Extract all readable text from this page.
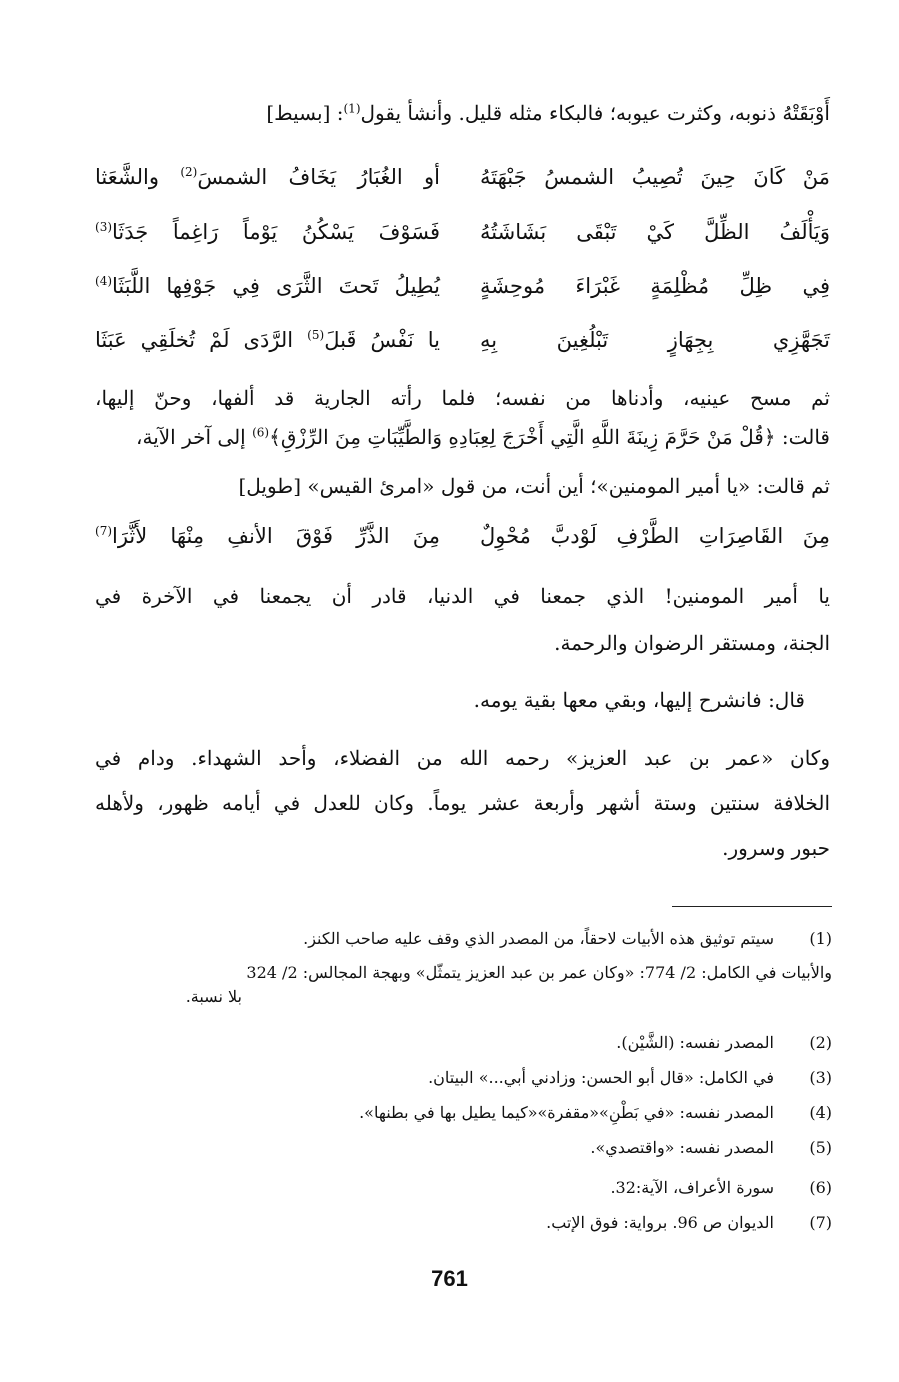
أَوْبَقَتْهُ ذنوبه، وكثرت عيوبه؛ فالبكاء مثله قليل. وأنشأ يقول$^{(1)}$: [بسيط]
مَنْ كَانَ حِينَ تُصِيبُ الشمسُ جَبْهَتَهُ
أو الغُبَارُ يَخَافُ الشمسَ$^{(2)}$ والشَّعَثا
وَيَأْلَفُ الظِّلَّ كَيْ تَبْقَى بَشَاشَتُهُ
فَسَوْفَ يَسْكُنُ يَوْماً رَاغِماً جَدَثَا$^{(3)}$
فِي ظِلِّ مُظْلِمَةٍ غَبْرَاءَ مُوحِشَةٍ
يُطِيلُ تَحتَ الثَّرَى فِي جَوْفِها اللَّبَثَا$^{(4)}$
تَجَهَّزِي بِجِهَازٍ تَبْلُغِينَ بِهِ
يا نَفْسُ قَبلَ$^{(5)}$ الرَّدَى لَمْ تُخلَقِي عَبَثَا
ثم مسح عينيه، وأدناها من نفسه؛ فلما رأته الجارية قد ألفها، وحنّ إليها،
قالت: ﴿قُلْ مَنْ حَرَّمَ زِينَةَ اللَّهِ الَّتِي أَخْرَجَ لِعِبَادِهِ وَالطَّيِّبَاتِ مِنَ الرِّزْقِ﴾$^{(6)}$ إلى آخر الآية،
ثم قالت: «يا أمير المومنين»؛ أين أنت، من قول «امرئ القيس» [طويل]
مِنَ القَاصِرَاتِ الطَّرْفِ لَوْدبَّ مُحْوِلٌ
مِنَ الذَّرِّ فَوْقَ الأنفِ مِنْهَا لأَثَّرَا$^{(7)}$
يا أمير المومنين! الذي جمعنا في الدنيا، قادر أن يجمعنا في الآخرة في
الجنة، ومستقر الرضوان والرحمة.
قال: فانشرح إليها، وبقي معها بقية يومه.
وكان «عمر بن عبد العزيز» رحمه الله من الفضلاء، وأحد الشهداء. ودام في
الخلافة سنتين وستة أشهر وأربعة عشر يوماً. وكان للعدل في أيامه ظهور، ولأهله
حبور وسرور.
(1)
سيتم توثيق هذه الأبيات لاحقاً، من المصدر الذي وقف عليه صاحب الكنز.
والأبيات في الكامل: 2/ 774: «وكان عمر بن عبد العزيز يتمثّل» وبهجة المجالس: 2/ 324
بلا نسبة.
(2)
المصدر نفسه: (الشَّيْن).
(3)
في الكامل: «قال أبو الحسن: وزادني أبي...» البيتان.
(4)
المصدر نفسه: «في بَطْنِ»«مقفرة»«كيما يطيل بها في بطنها».
(5)
المصدر نفسه: «واقتصدي».
(6)
سورة الأعراف، الآية:32.
(7)
الديوان ص 96. برواية: فوق الإتب.
761
